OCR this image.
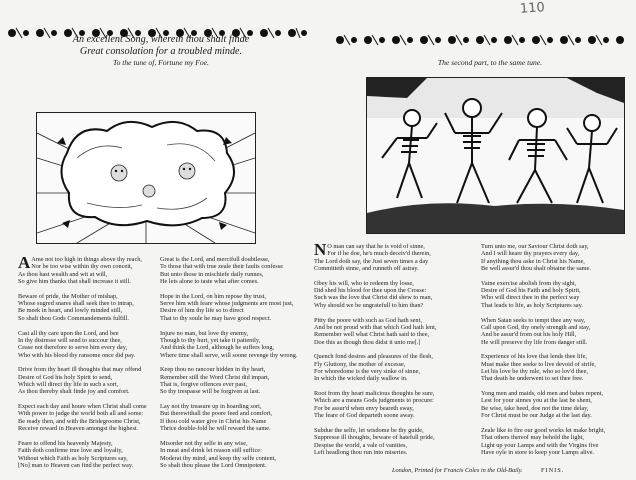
110
An excellent Song, wherein thou shalt finde
Great consolation for a troubled minde.
To the tune of, Fortune my Foe.	The second part, to the same tune.
A Ame not too high in things above thy reach,
Nor be too wise within thy own conceit,
As thou hast wealth and wit at will,
So give him thanks that shall increase it still.
Beware of pride, the Mother of mishap,
Whose sugred snares shall seek thee to intrap,
Be meek in heart, and lowly minded still,
So shalt thou Gods Commandements fulfill.
Cast all thy care upon the Lord, and bee
In thy distresse will send to succour thee,
Cease not therefore to serve him every day,
Who with his blood thy ransome once did pay.
Drive from thy heart ill thoughts that may offend
Desire of God his holy Spirit to send,
Which will direct thy life in such a sort,
As thou thereby shalt finde joy and comfort.
Expect each day and houre when Christ shall come
With power to judge the world both all and some:
Be ready then, and with the Bridegroome Christ,
Receive reward in Heaven amongst the highest.
Feare to offend his heavenly Majesty,
Faith doth confirme true love and loyalty,
Without which Faith as holy Scriptures say,
[No] man to Heaven can find the perfect way.
Great is the Lord, and mercifull doubtlesse,
To those that with true zeale their faults confesse
But unto those in mischiefe daily runnes,
He lets alone to taste what after comes.
Hope in the Lord, on him repose thy trust,
Serve him with feare whose judgments are most just,
Desire of him thy life so to direct
That to thy soule he may have good respect.
Injure no man, but love thy enemy,
Though to thy hurt, yet take it patiently,
And think the Lord, although he suffers long,
Where time shall serve, will soone revenge thy wrong.
Keep thou no rancour hidden in thy heart,
Remember still the Word Christ did impart,
That is, forgive offences ever past,
So thy trespasse will be forgiven at last.
Lay not thy treasure up in hoarding sort,
But therewithall the poore feed and comfort,
If thou cold water give in Christ his Name
Thrice double-fold he will reward the same.
Misorder not thy selfe in any wise,
In meat and drink let reason still suffice:
Moderat thy mind, and keep thy selfe content,
So shalt thou please the Lord Omnipotent.
N O man can say that he is void of sinne,
For if he doe, he's much deceiv'd therein,
The Lord doth say, the Just seven times a day
Committeth sinne, and runneth off astray.
Obey his will, who to redeem thy losse,
Did shed his blood for thee upon the Crosse:
Such was the love that Christ did shew to man,
Why should we be ungratefull to him than?
Pitty the poore with such as God hath sent,
And be not proud with that which God hath lent,
Remember well what Christ hath said to thee,
Doe this as though thou didst it unto me[.]
Quench fond desires and pleasures of the flesh,
Fly Gluttony, the mother of excesse,
For whoredome is the very sinke of sinne,
In which the wicked daily wallow in.
Root from thy heart malicious thoughts be sure,
Which are a means Gods judgments to procure:
For be assur'd when envy beareth sway,
The feare of God departeth soone away.
Subdue the selfe, let wisdome be thy guide,
Suppresse ill thoughts, beware of hatefull pride,
Despise the world, a vale of vanities,
Left headlong thou run into miseries.
Turn unto me, our Saviour Christ doth say,
And I will heare thy prayers every day,
If anything thou aske in Christ his Name,
Be well assur'd thou shalt obtaine the same.
Vaine exercise abolish from thy sight,
Desire of God his Faith and holy Spirit,
Who will direct thee in the perfect way
That leads to life, as holy Scriptures say.
When Satan seeks to tempt thee any way,
Call upon God, thy onely strength and stay,
And be assur'd from out his holy Hill,
He will preserve thy life from danger still.
Experience of his love that lends thee life,
Must make thee seeke to live devoid of strife,
Let his love be thy rule, who so lov'd thee,
That death he underwent to set thee free.
Yong men and maids, old men and babes repent,
Lest for your sinnes you at the last be shent,
Be wise, take heed, doe not the time delay,
For Christ must be our Judge at the last day.
Zeale like to fire our good works let make bright,
That others thereof may behold the light,
Light up your Lamps and with the Virgins five
Have oyle in store to keep your Lamps alive.
London, Printed for Francis Coles in the Old-Baily.	FINIS.
